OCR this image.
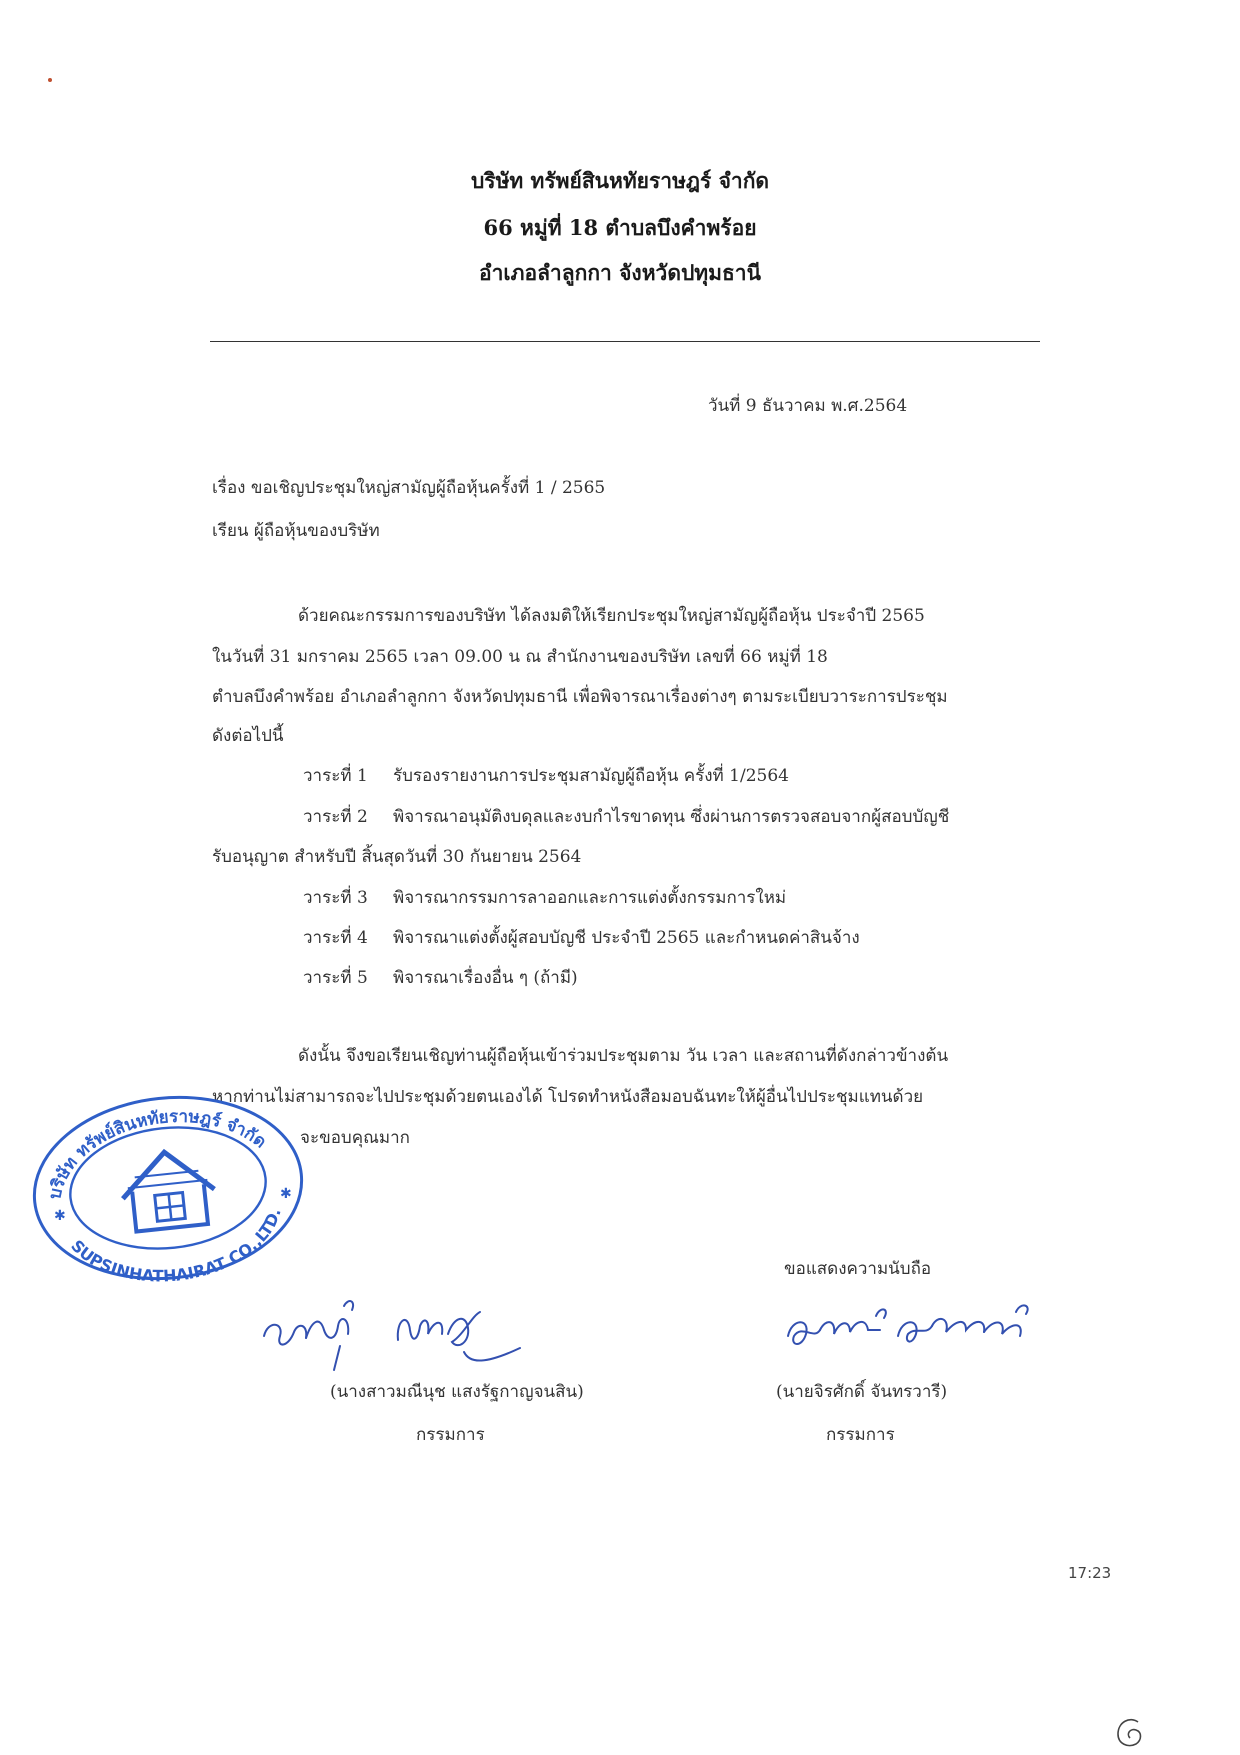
บริษัท ทรัพย์สินหทัยราษฎร์ จำกัด
66 หมู่ที่ 18 ตำบลบึงคำพร้อย
อำเภอลำลูกกา จังหวัดปทุมธานี
วันที่ 9 ธันวาคม พ.ศ.2564
เรื่อง ขอเชิญประชุมใหญ่สามัญผู้ถือหุ้นครั้งที่ 1 / 2565
เรียน ผู้ถือหุ้นของบริษัท
ด้วยคณะกรรมการของบริษัท ได้ลงมติให้เรียกประชุมใหญ่สามัญผู้ถือหุ้น ประจำปี 2565
ในวันที่ 31 มกราคม 2565 เวลา 09.00 น ณ สำนักงานของบริษัท เลขที่ 66 หมู่ที่ 18
ตำบลบึงคำพร้อย อำเภอลำลูกกา จังหวัดปทุมธานี เพื่อพิจารณาเรื่องต่างๆ ตามระเบียบวาระการประชุม
ดังต่อไปนี้
วาระที่ 1 รับรองรายงานการประชุมสามัญผู้ถือหุ้น ครั้งที่ 1/2564
วาระที่ 2 พิจารณาอนุมัติงบดุลและงบกำไรขาดทุน ซึ่งผ่านการตรวจสอบจากผู้สอบบัญชี
รับอนุญาต สำหรับปี สิ้นสุดวันที่ 30 กันยายน 2564
วาระที่ 3 พิจารณากรรมการลาออกและการแต่งตั้งกรรมการใหม่
วาระที่ 4 พิจารณาแต่งตั้งผู้สอบบัญชี ประจำปี 2565 และกำหนดค่าสินจ้าง
วาระที่ 5 พิจารณาเรื่องอื่น ๆ (ถ้ามี)
ดังนั้น จึงขอเรียนเชิญท่านผู้ถือหุ้นเข้าร่วมประชุมตาม วัน เวลา และสถานที่ดังกล่าวข้างต้น
หากท่านไม่สามารถจะไปประชุมด้วยตนเองได้ โปรดทำหนังสือมอบฉันทะให้ผู้อื่นไปประชุมแทนด้วย
จะขอบคุณมาก
บริษัท ทรัพย์สินหทัยราษฎร์ จำกัด
SUPSINHATHAIRAT CO.,LTD.
✱
✱
ขอแสดงความนับถือ
(นางสาวมณีนุช แสงรัฐกาญจนสิน)
กรรมการ
(นายจิรศักดิ์ จันทรวารี)
กรรมการ
17:23
